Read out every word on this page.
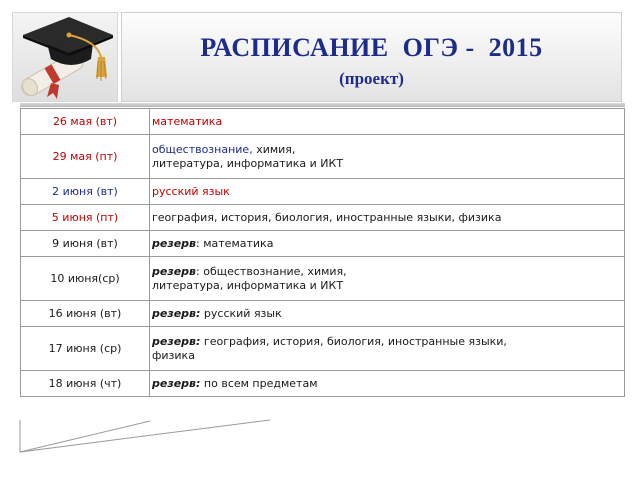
РАСПИСАНИЕ  ОГЭ -  2015
(проект)
26 мая (вт)	математика
29 мая (пт)	обществознание, химия,
литература, информатика и ИКТ
2 июня (вт)	русский язык
5 июня (пт)	география, история, биология, иностранные языки, физика
9 июня (вт)	резерв: математика
10 июня(ср)	резерв: обществознание, химия,
литература, информатика и ИКТ
16 июня (вт)	резерв: русский язык
17 июня (ср)	резерв: география, история, биология, иностранные языки,
физика
18 июня (чт)	резерв: по всем предметам
